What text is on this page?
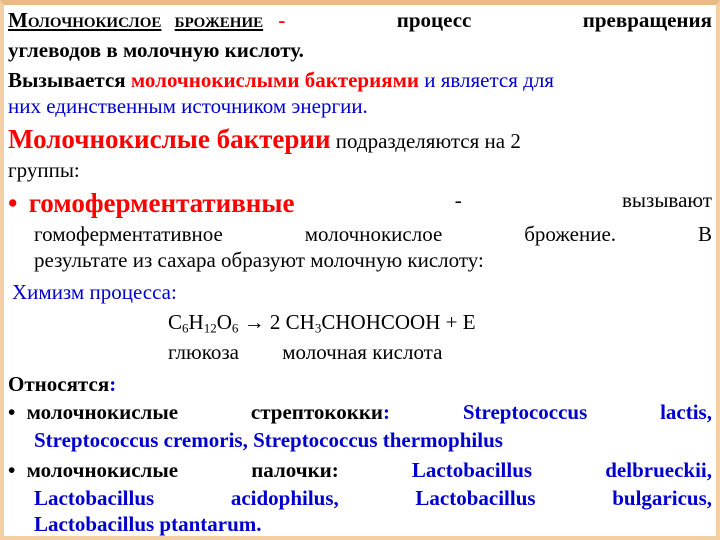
Молочнокислое брожение -	процесс	превращения
углеводов в молочную кислоту.
Вызывается молочнокислыми бактериями и является для
них единственным источником энергии.
Молочнокислые бактерии подразделяются на 2
группы:
• гомоферментативные	-	вызывают
гомоферментативное	молочнокислое	брожение.	В
результате из сахара образуют молочную кислоту:
Химизм процесса:
$C_6H_{12}O_6 \to 2$ $CH_3CHOHCOOH + E$
глюкоза молочная кислота
Относятся:
• молочнокислые	стрептококки:	Streptococcus	lactis,
Streptococcus cremoris, Streptococcus thermophilus
• молочнокислые	палочки:	Lactobacillus	delbrueckii,
Lactobacillus	acidophilus,	Lactobacillus	bulgaricus,
Lactobacillus ptantarum.
